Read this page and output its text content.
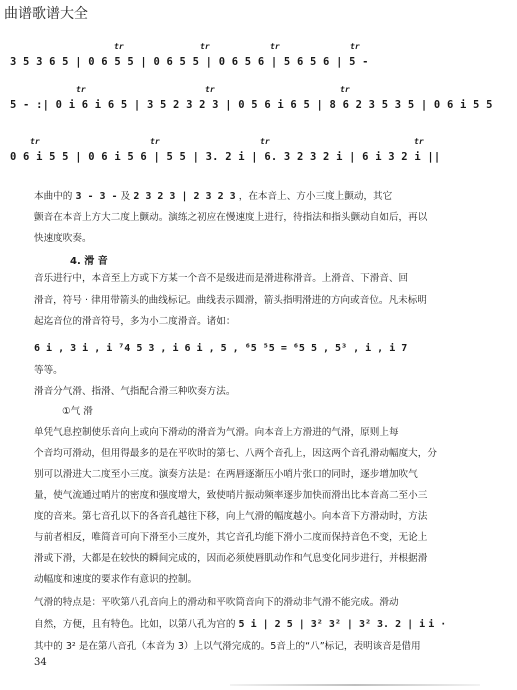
曲谱歌谱大全
tr	tr	tr	tr
3 5 3 6 5 | 0 6 5 5 | 0 6 5 5 | 0 6 5 6 | 5 6 5 6 | 5 -
tr	tr	tr
5 - :| 0 i 6 i 6 5 | 3 5 2 3 2 3 | 0 5 6 i 6 5 | 8 6 2 3 5 3 5 | 0 6 i 5 5
tr	tr	tr	tr
0 6 i 5 5 | 0 6 i 5 6 | 5 5 | 3. 2 i | 6. 3 2 3 2 i | 6 i 3 2 i ||
本曲中的 3 - 3 - 及 2 3 2 3 | 2 3 2 3 ，在本音上、方小三度上颤动，其它
颤音在本音上方大二度上颤动。演练之初应在慢速度上进行，待指法和指头颤动自如后，再以
快速度吹奏。
4. 滑 音
音乐进行中，本音至上方或下方某一个音不是级进而是滑进称滑音。上滑音、下滑音、回
滑音，符号 · 律用带箭头的曲线标记。曲线表示圆滑，箭头指明滑进的方向或音位。凡未标明
起迄音位的滑音符号，多为小二度滑音。诸如：
6 i , 3 i , i ⁷4 5 3 , i 6 i , 5 , ⁶5 ⁵5 = ⁶5 5 , 5³ , i , i 7
等等。
滑音分气滑、指滑、气指配合滑三种吹奏方法。
①气 滑
单凭气息控制使乐音向上或向下滑动的滑音为气滑。向本音上方滑进的气滑，原则上每
个音均可滑动，但用得最多的是在平吹时的第七、八两个音孔上，因这两个音孔滑动幅度大，分
别可以滑进大二度至小三度。演奏方法是：在两唇逐渐压小哨片张口的同时，逐步增加吹气
量，使气流通过哨片的密度和强度增大，致使哨片振动频率逐步加快而滑出比本音高二至小三
度的音来。第七音孔以下的各音孔越往下移，向上气滑的幅度越小。向本音下方滑动时，方法
与前者相反，唯简音可向下滑至小三度外，其它音孔均能下滑小二度而保持音色不变，无论上
滑或下滑，大都是在较快的瞬间完成的，因而必须使唇肌动作和气息变化同步进行，并根据滑
动幅度和速度的要求作有意识的控制。
气滑的特点是：平吹第八孔音向上的滑动和平吹筒音向下的滑动非气滑不能完成。滑动
自然，方便，且有特色。比如，以第八孔为宫的 5 i | 2 5 | 3² 3² | 3² 3. 2 | i i ·
其中的 3² 是在第八音孔（本音为 3）上以气滑完成的。5音上的“八”标记，表明该音是借用
34
